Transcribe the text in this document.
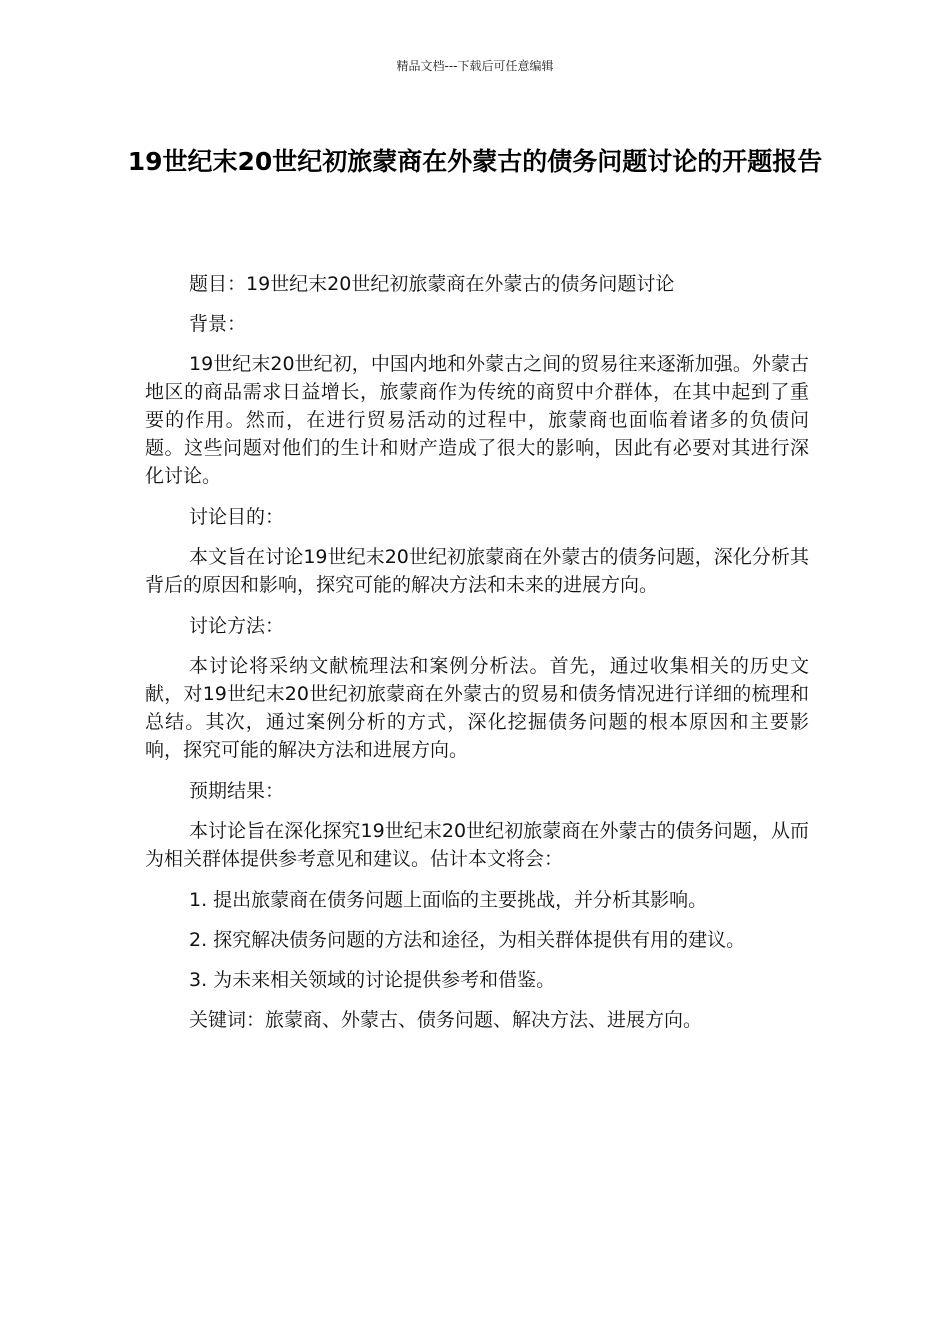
精品文档---下载后可任意编辑
19世纪末20世纪初旅蒙商在外蒙古的债务问题讨论的开题报告

题目：19世纪末20世纪初旅蒙商在外蒙古的债务问题讨论

背景：

19世纪末20世纪初，中国内地和外蒙古之间的贸易往来逐渐加强。外蒙古地区的商品需求日益增长，旅蒙商作为传统的商贸中介群体，在其中起到了重要的作用。然而，在进行贸易活动的过程中，旅蒙商也面临着诸多的负债问题。这些问题对他们的生计和财产造成了很大的影响，因此有必要对其进行深化讨论。

讨论目的：

本文旨在讨论19世纪末20世纪初旅蒙商在外蒙古的债务问题，深化分析其背后的原因和影响，探究可能的解决方法和未来的进展方向。

讨论方法：

本讨论将采纳文献梳理法和案例分析法。首先，通过收集相关的历史文献，对19世纪末20世纪初旅蒙商在外蒙古的贸易和债务情况进行详细的梳理和总结。其次，通过案例分析的方式，深化挖掘债务问题的根本原因和主要影响，探究可能的解决方法和进展方向。

预期结果：

本讨论旨在深化探究19世纪末20世纪初旅蒙商在外蒙古的债务问题，从而为相关群体提供参考意见和建议。估计本文将会：

1. 提出旅蒙商在债务问题上面临的主要挑战，并分析其影响。

2. 探究解决债务问题的方法和途径，为相关群体提供有用的建议。

3. 为未来相关领域的讨论提供参考和借鉴。

关键词：旅蒙商、外蒙古、债务问题、解决方法、进展方向。
